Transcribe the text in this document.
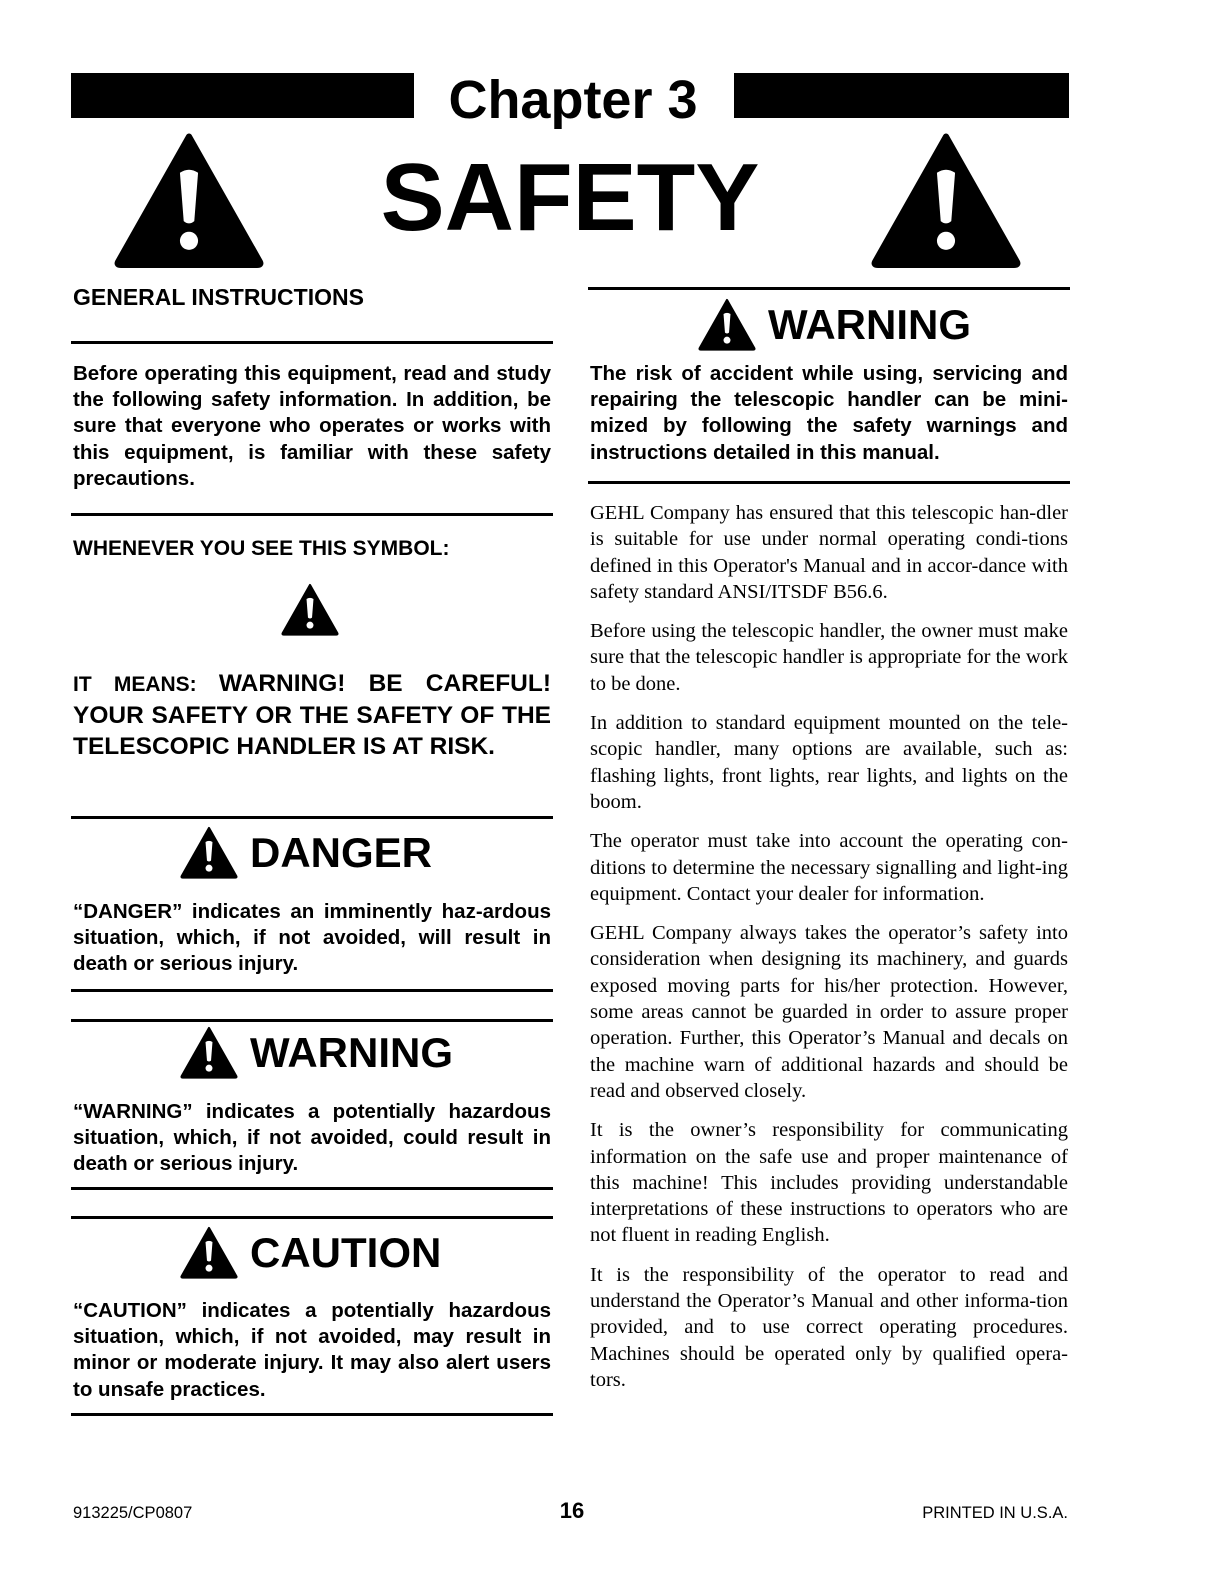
Chapter 3
SAFETY
GENERAL INSTRUCTIONS
Before operating this equipment, read and study the following safety information. In addition, be sure that everyone who operates or works with this equipment, is familiar with these safety precautions.
WHENEVER YOU SEE THIS SYMBOL:
IT MEANS: WARNING! BE CAREFUL! YOUR SAFETY OR THE SAFETY OF THE TELESCOPIC HANDLER IS AT RISK.
DANGER
“DANGER” indicates an imminently haz-ardous situation, which, if not avoided, will result in death or serious injury.
WARNING
“WARNING” indicates a potentially hazardous situation, which, if not avoided, could result in death or serious injury.
CAUTION
“CAUTION” indicates a potentially hazardous situation, which, if not avoided, may result in minor or moderate injury. It may also alert users to unsafe practices.
WARNING
The risk of accident while using, servicing and repairing the telescopic handler can be mini-mized by following the safety warnings and instructions detailed in this manual.

GEHL Company has ensured that this telescopic han-dler is suitable for use under normal operating condi-tions defined in this Operator's Manual and in accor-dance with safety standard ANSI/ITSDF B56.6.

Before using the telescopic handler, the owner must make sure that the telescopic handler is appropriate for the work to be done.

In addition to standard equipment mounted on the tele-scopic handler, many options are available, such as: flashing lights, front lights, rear lights, and lights on the boom.

The operator must take into account the operating con-ditions to determine the necessary signalling and light-ing equipment. Contact your dealer for information.

GEHL Company always takes the operator’s safety into consideration when designing its machinery, and guards exposed moving parts for his/her protection. However, some areas cannot be guarded in order to assure proper operation. Further, this Operator’s Manual and decals on the machine warn of additional hazards and should be read and observed closely.

It is the owner’s responsibility for communicating information on the safe use and proper maintenance of this machine! This includes providing understandable interpretations of these instructions to operators who are not fluent in reading English.

It is the responsibility of the operator to read and understand the Operator’s Manual and other informa-tion provided, and to use correct operating procedures. Machines should be operated only by qualified opera-tors.

913225/CP0807	16	PRINTED IN U.S.A.
